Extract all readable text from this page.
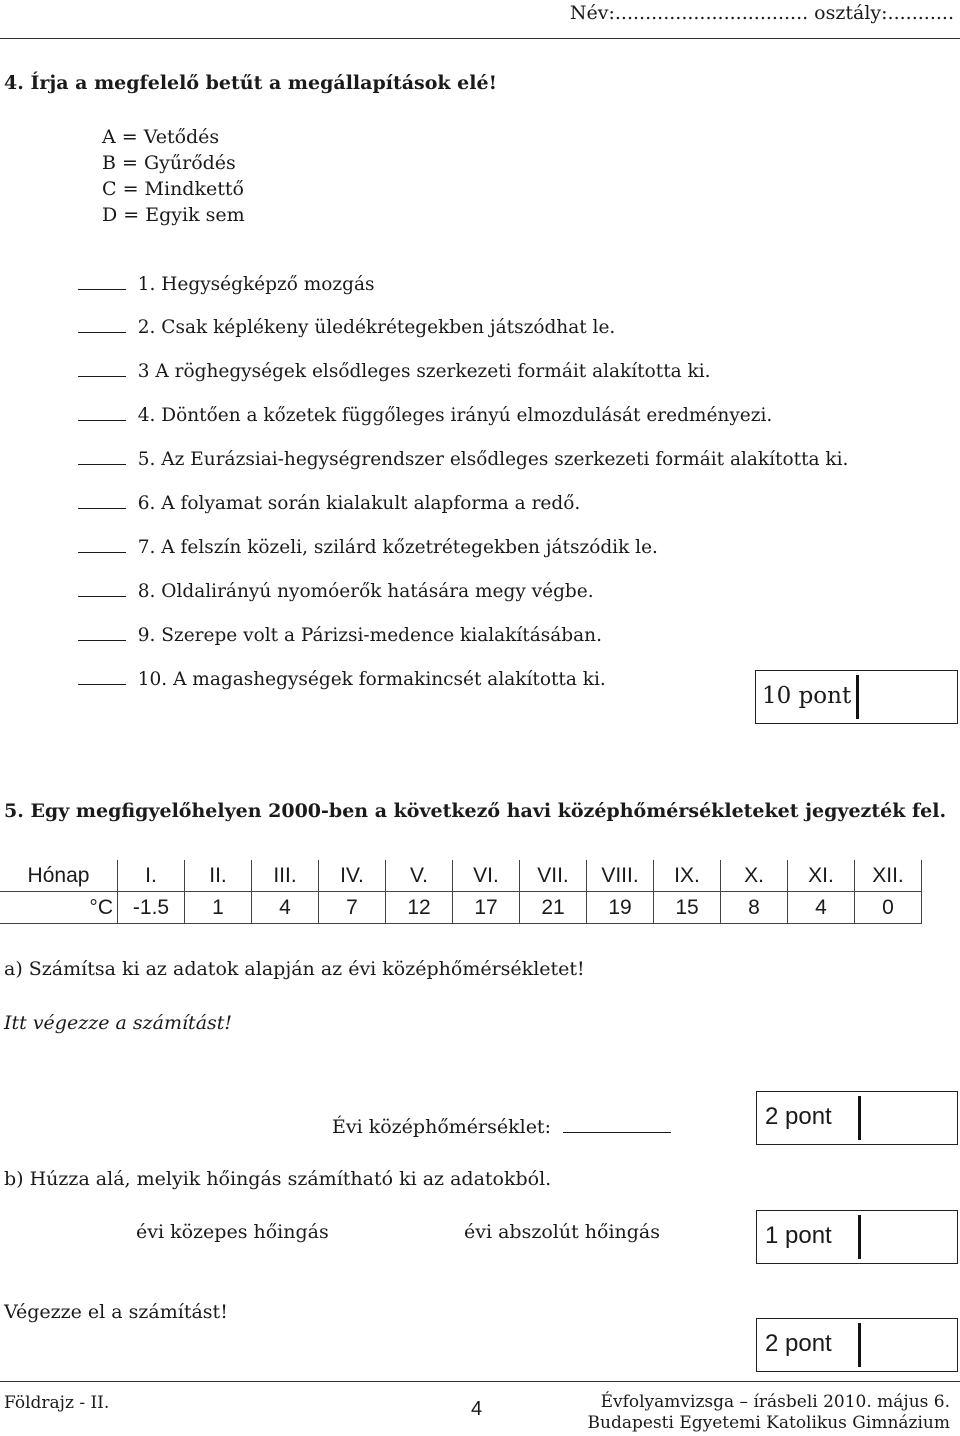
Név:................................ osztály:...........
4. Írja a megfelelő betűt a megállapítások elé!
A = Vetődés
B = Gyűrődés
C = Mindkettő
D = Egyik sem
1. Hegységképző mozgás
2. Csak képlékeny üledékrétegekben játszódhat le.
3 A röghegységek elsődleges szerkezeti formáit alakította ki.
4. Döntően a kőzetek függőleges irányú elmozdulását eredményezi.
5. Az Eurázsiai-hegységrendszer elsődleges szerkezeti formáit alakította ki.
6. A folyamat során kialakult alapforma a redő.
7. A felszín közeli, szilárd kőzetrétegekben játszódik le.
8. Oldalirányú nyomóerők hatására megy végbe.
9. Szerepe volt a Párizsi-medence kialakításában.
10. A magashegységek formakincsét alakította ki.
10 pont
5. Egy megfigyelőhelyen 2000-ben a következő havi középhőmérsékleteket jegyezték fel.
Hónap	I.	II.	III.	IV.	V.	VI.	VII.	VIII.	IX.	X.	XI.	XII.
°C	-1.5	1	4	7	12	17	21	19	15	8	4	0
a) Számítsa ki az adatok alapján az évi középhőmérsékletet!
Itt végezze a számítást!
Évi középhőmérséklet:	2 pont
b) Húzza alá, melyik hőingás számítható ki az adatokból.
évi közepes hőingás	évi abszolút hőingás	1 pont
Végezze el a számítást!
2 pont
Földrajz - II.	4	Évfolyamvizsga – írásbeli 2010. május 6.
Budapesti Egyetemi Katolikus Gimnázium
